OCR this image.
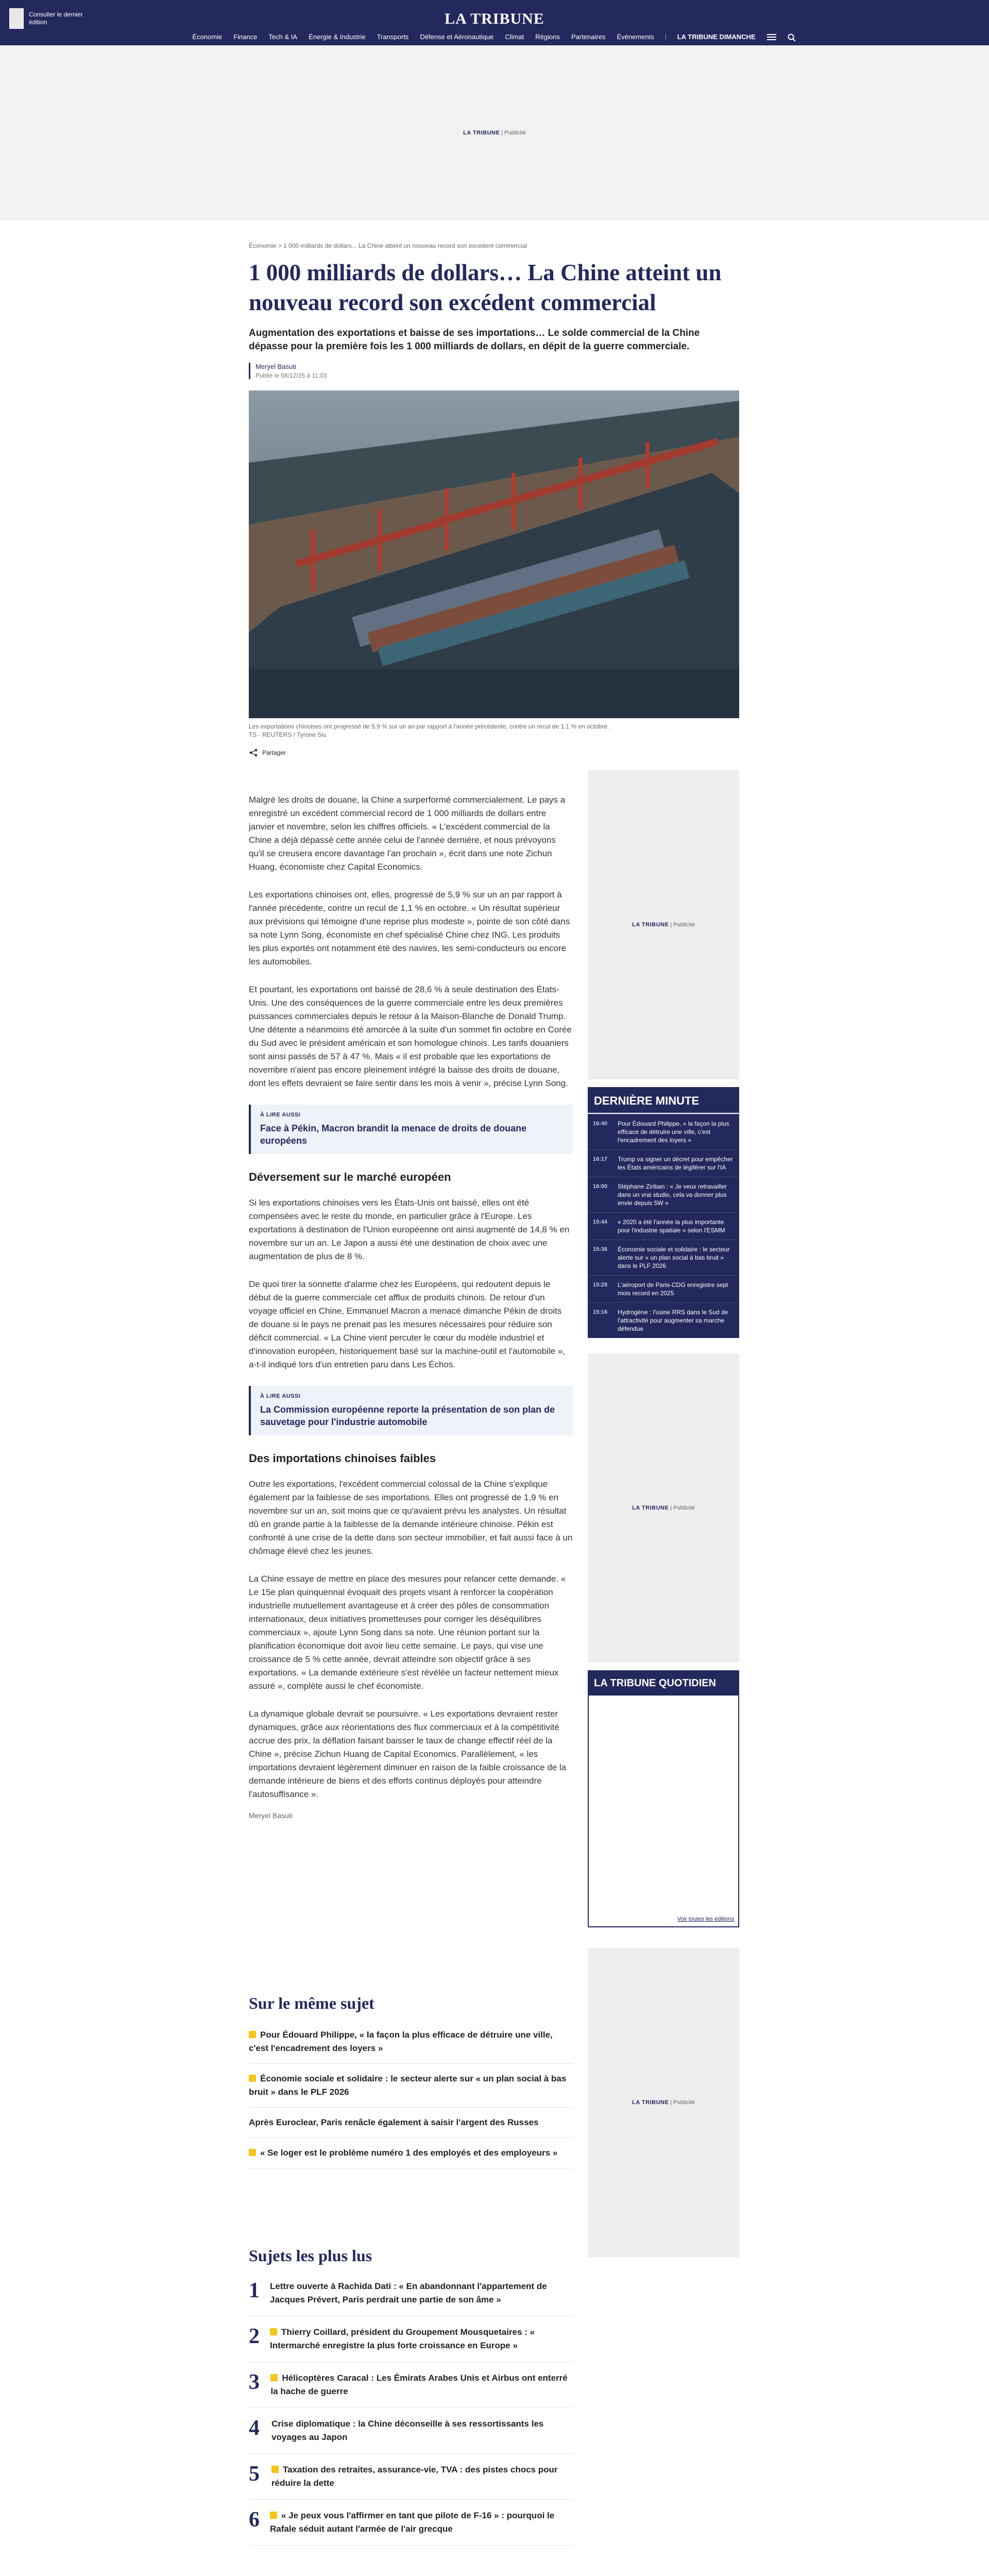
Consulter le dernier édition	LA TRIBUNE
Économie Finance Tech & IA Énergie & Industrie Transports Défense et Aéronautique Climat Régions Partenaires Évènements	LA TRIBUNE DIMANCHE
LA TRIBUNE | Publicité
Économie > 1 000 milliards de dollars... La Chine atteint un nouveau record son excédent commercial
1 000 milliards de dollars… La Chine atteint un nouveau record son excédent commercial
Augmentation des exportations et baisse de ses importations… Le solde commercial de la Chine dépasse pour la première fois les 1 000 milliards de dollars, en dépit de la guerre commerciale.
Meryel Basuti
Publié le 08/12/25 à 11:03
Les exportations chinoises ont progressé de 5,9 % sur un an par rapport à l'année précédente, contre un recul de 1,1 % en octobre.
TS - REUTERS / Tyrone Siu
Partager

Malgré les droits de douane, la Chine a surperformé commercialement. Le pays a enregistré un excédent commercial record de 1 000 milliards de dollars entre janvier et novembre, selon les chiffres officiels. « L'excédent commercial de la Chine a déjà dépassé cette année celui de l'année dernière, et nous prévoyons qu'il se creusera encore davantage l'an prochain », écrit dans une note Zichun Huang, économiste chez Capital Economics.

Les exportations chinoises ont, elles, progressé de 5,9 % sur un an par rapport à l'année précédente, contre un recul de 1,1 % en octobre. « Un résultat supérieur aux prévisions qui témoigne d'une reprise plus modeste », pointe de son côté dans sa note Lynn Song, économiste en chef spécialisé Chine chez ING. Les produits les plus exportés ont notamment été des navires, les semi-conducteurs ou encore les automobiles.

Et pourtant, les exportations ont baissé de 28,6 % à seule destination des États-Unis. Une des conséquences de la guerre commerciale entre les deux premières puissances commerciales depuis le retour à la Maison-Blanche de Donald Trump. Une détente a néanmoins été amorcée à la suite d'un sommet fin octobre en Corée du Sud avec le président américain et son homologue chinois. Les tarifs douaniers sont ainsi passés de 57 à 47 %. Mais « il est probable que les exportations de novembre n'aient pas encore pleinement intégré la baisse des droits de douane, dont les effets devraient se faire sentir dans les mois à venir », précise Lynn Song.

À LIRE AUSSI
Face à Pékin, Macron brandit la menace de droits de douane européens
Déversement sur le marché européen

Si les exportations chinoises vers les États-Unis ont baissé, elles ont été compensées avec le reste du monde, en particulier grâce à l'Europe. Les exportations à destination de l'Union européenne ont ainsi augmenté de 14,8 % en novembre sur un an. Le Japon a aussi été une destination de choix avec une augmentation de plus de 8 %.

De quoi tirer la sonnette d'alarme chez les Européens, qui redoutent depuis le début de la guerre commerciale cet afflux de produits chinois. De retour d'un voyage officiel en Chine, Emmanuel Macron a menacé dimanche Pékin de droits de douane si le pays ne prenait pas les mesures nécessaires pour réduire son déficit commercial. « La Chine vient percuter le cœur du modèle industriel et d'innovation européen, historiquement basé sur la machine-outil et l'automobile », a-t-il indiqué lors d'un entretien paru dans Les Échos.

À LIRE AUSSI
La Commission européenne reporte la présentation de son plan de sauvetage pour l'industrie automobile
Des importations chinoises faibles

Outre les exportations, l'excédent commercial colossal de la Chine s'explique également par la faiblesse de ses importations. Elles ont progressé de 1,9 % en novembre sur un an, soit moins que ce qu'avaient prévu les analystes. Un résultat dû en grande partie à la faiblesse de la demande intérieure chinoise. Pékin est confronté à une crise de la dette dans son secteur immobilier, et fait aussi face à un chômage élevé chez les jeunes.

La Chine essaye de mettre en place des mesures pour relancer cette demande. « Le 15e plan quinquennal évoquait des projets visant à renforcer la coopération industrielle mutuellement avantageuse et à créer des pôles de consommation internationaux, deux initiatives prometteuses pour corriger les déséquilibres commerciaux », ajoute Lynn Song dans sa note. Une réunion portant sur la planification économique doit avoir lieu cette semaine. Le pays, qui vise une croissance de 5 % cette année, devrait atteindre son objectif grâce à ses exportations. « La demande extérieure s'est révélée un facteur nettement mieux assuré », complète aussi le chef économiste.

La dynamique globale devrait se poursuivre. « Les exportations devraient rester dynamiques, grâce aux réorientations des flux commerciaux et à la compétitivité accrue des prix, la déflation faisant baisser le taux de change effectif réel de la Chine », précise Zichun Huang de Capital Economics. Parallèlement, « les importations devraient légèrement diminuer en raison de la faible croissance de la demande intérieure de biens et des efforts continus déployés pour atteindre l'autosuffisance ».

Meryel Basuti
LA TRIBUNE | Publicité
DERNIÈRE MINUTE
16:40	Pour Édouard Philippe, « la façon la plus efficace de détruire une ville, c'est l'encadrement des loyers »
16:17	Trump va signer un décret pour empêcher les États américains de légiférer sur l'IA
16:00	Stéphane Ziriban : « Je veux retravailler dans un vrai studio, cela va donner plus envie depuis 5W »
15:44	« 2020 a été l'année la plus importante pour l'industrie spatiale » selon l'ESMM
15:36	Économie sociale et solidaire : le secteur alerte sur « un plan social à bas bruit » dans le PLF 2026
15:28	L'aéroport de Paris-CDG enregistre sept mois record en 2025
15:16	Hydrogène : l'usine RRS dans le Sud de l'attractivité pour augmenter sa marche défendue
LA TRIBUNE | Publicité
LA TRIBUNE QUOTIDIEN
Voir toutes les éditions
LA TRIBUNE | Publicité
Sur le même sujet
Pour Édouard Philippe, « la façon la plus efficace de détruire une ville, c'est l'encadrement des loyers »
Économie sociale et solidaire : le secteur alerte sur « un plan social à bas bruit » dans le PLF 2026
Après Euroclear, Paris renâcle également à saisir l'argent des Russes
« Se loger est le problème numéro 1 des employés et des employeurs »
Sujets les plus lus
1 Lettre ouverte à Rachida Dati : « En abandonnant l'appartement de Jacques Prévert, Paris perdrait une partie de son âme »
2	Thierry Coillard, président du Groupement Mousquetaires : « Intermarché enregistre la plus forte croissance en Europe »
3	Hélicoptères Caracal : Les Émirats Arabes Unis et Airbus ont enterré la hache de guerre
4 Crise diplomatique : la Chine déconseille à ses ressortissants les voyages au Japon
5	Taxation des retraites, assurance-vie, TVA : des pistes chocs pour réduire la dette
6	« Je peux vous l'affirmer en tant que pilote de F-16 » : pourquoi le Rafale séduit autant l'armée de l'air grecque
